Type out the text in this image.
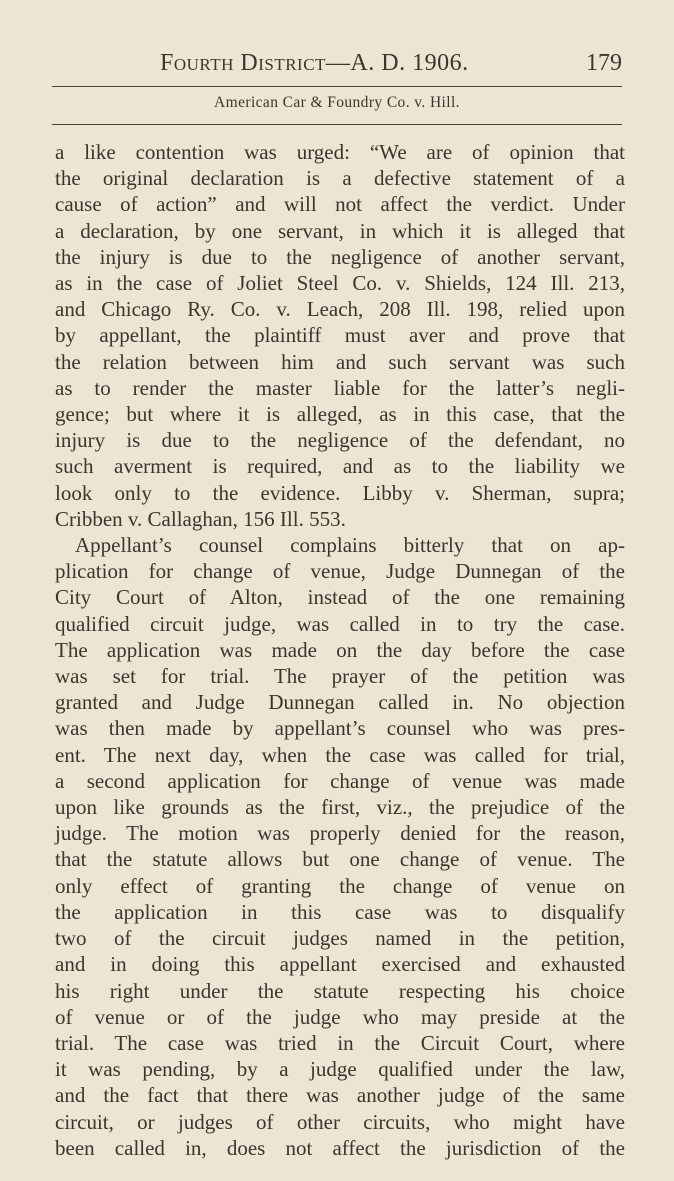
Fourth District—A. D. 1906.	179
American Car & Foundry Co. v. Hill.
a like contention was urged: “We are of opinion that
the original declaration is a defective statement of a
cause of action” and will not affect the verdict. Under
a declaration, by one servant, in which it is alleged that
the injury is due to the negligence of another servant,
as in the case of Joliet Steel Co. v. Shields, 124 Ill. 213,
and Chicago Ry. Co. v. Leach, 208 Ill. 198, relied upon
by appellant, the plaintiff must aver and prove that
the relation between him and such servant was such
as to render the master liable for the latter’s negli-
gence; but where it is alleged, as in this case, that the
injury is due to the negligence of the defendant, no
such averment is required, and as to the liability we
look only to the evidence. Libby v. Sherman, supra;
Cribben v. Callaghan, 156 Ill. 553.
Appellant’s counsel complains bitterly that on ap-
plication for change of venue, Judge Dunnegan of the
City Court of Alton, instead of the one remaining
qualified circuit judge, was called in to try the case.
The application was made on the day before the case
was set for trial. The prayer of the petition was
granted and Judge Dunnegan called in. No objection
was then made by appellant’s counsel who was pres-
ent. The next day, when the case was called for trial,
a second application for change of venue was made
upon like grounds as the first, viz., the prejudice of the
judge. The motion was properly denied for the reason,
that the statute allows but one change of venue. The
only effect of granting the change of venue on
the application in this case was to disqualify
two of the circuit judges named in the petition,
and in doing this appellant exercised and exhausted
his right under the statute respecting his choice
of venue or of the judge who may preside at the
trial. The case was tried in the Circuit Court, where
it was pending, by a judge qualified under the law,
and the fact that there was another judge of the same
circuit, or judges of other circuits, who might have
been called in, does not affect the jurisdiction of the
